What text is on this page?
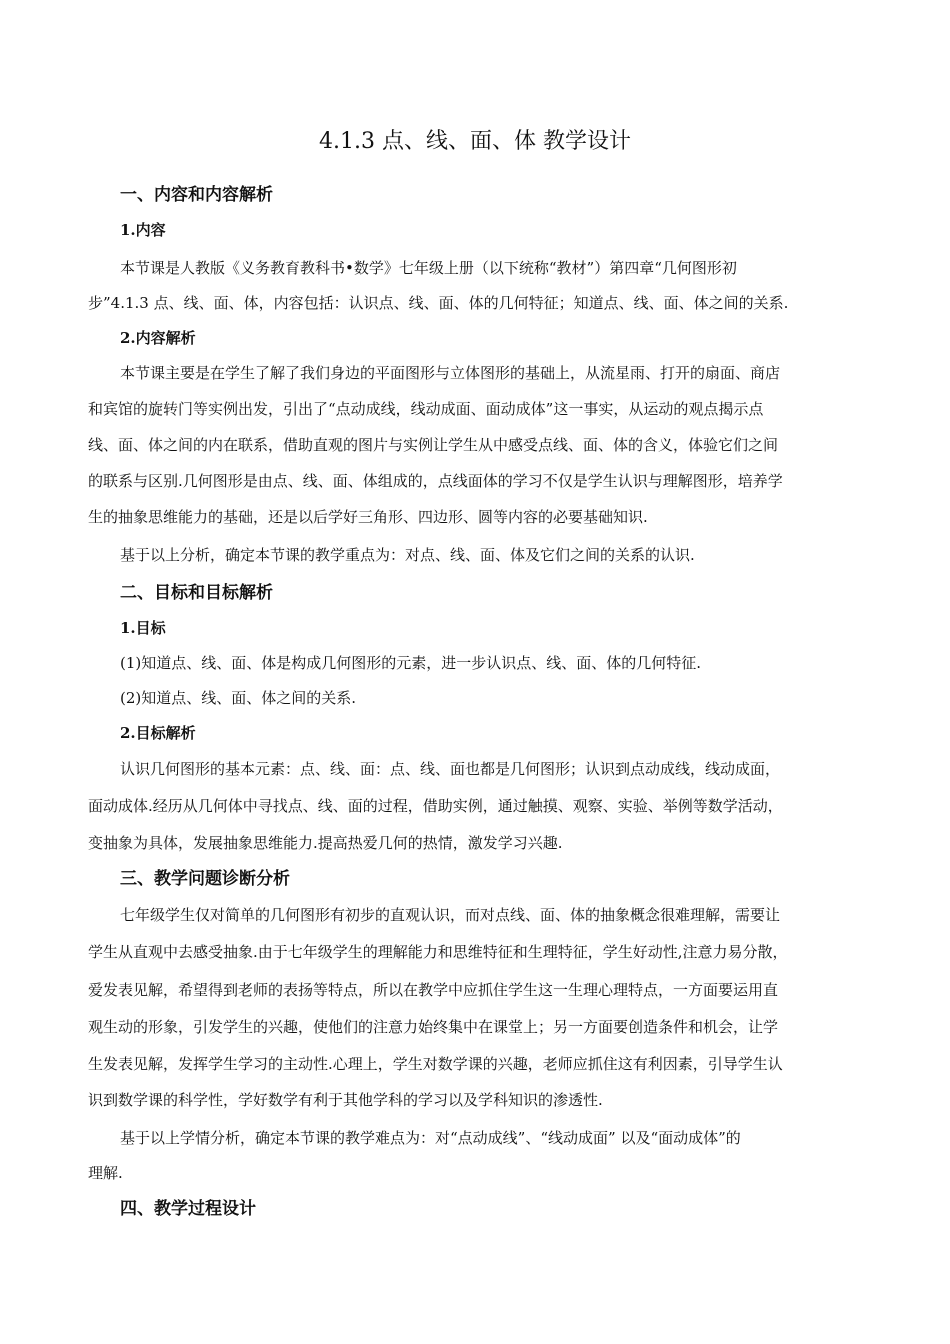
4.1.3 点、线、面、体 教学设计
一、内容和内容解析
1.内容
本节课是人教版《义务教育教科书•数学》七年级上册（以下统称“教材”）第四章“几何图形初
步”4.1.3 点、线、面、体，内容包括：认识点、线、面、体的几何特征；知道点、线、面、体之间的关系.
2.内容解析
本节课主要是在学生了解了我们身边的平面图形与立体图形的基础上，从流星雨、打开的扇面、商店
和宾馆的旋转门等实例出发，引出了“点动成线，线动成面、面动成体”这一事实，从运动的观点揭示点
线、面、体之间的内在联系，借助直观的图片与实例让学生从中感受点线、面、体的含义，体验它们之间
的联系与区别.几何图形是由点、线、面、体组成的，点线面体的学习不仅是学生认识与理解图形，培养学
生的抽象思维能力的基础，还是以后学好三角形、四边形、圆等内容的必要基础知识.
基于以上分析，确定本节课的教学重点为：对点、线、面、体及它们之间的关系的认识.
二、目标和目标解析
1.目标
(1)知道点、线、面、体是构成几何图形的元素，进一步认识点、线、面、体的几何特征.
(2)知道点、线、面、体之间的关系.
2.目标解析
认识几何图形的基本元素：点、线、面：点、线、面也都是几何图形；认识到点动成线，线动成面，
面动成体.经历从几何体中寻找点、线、面的过程，借助实例，通过触摸、观察、实验、举例等数学活动，
变抽象为具体，发展抽象思维能力.提高热爱几何的热情，激发学习兴趣.
三、教学问题诊断分析
七年级学生仅对简单的几何图形有初步的直观认识，而对点线、面、体的抽象概念很难理解，需要让
学生从直观中去感受抽象.由于七年级学生的理解能力和思维特征和生理特征，学生好动性,注意力易分散，
爱发表见解，希望得到老师的表扬等特点，所以在教学中应抓住学生这一生理心理特点，一方面要运用直
观生动的形象，引发学生的兴趣，使他们的注意力始终集中在课堂上；另一方面要创造条件和机会，让学
生发表见解，发挥学生学习的主动性.心理上，学生对数学课的兴趣，老师应抓住这有利因素，引导学生认
识到数学课的科学性，学好数学有利于其他学科的学习以及学科知识的渗透性.
基于以上学情分析，确定本节课的教学难点为：对“点动成线”、“线动成面” 以及“面动成体”的
理解.
四、教学过程设计
